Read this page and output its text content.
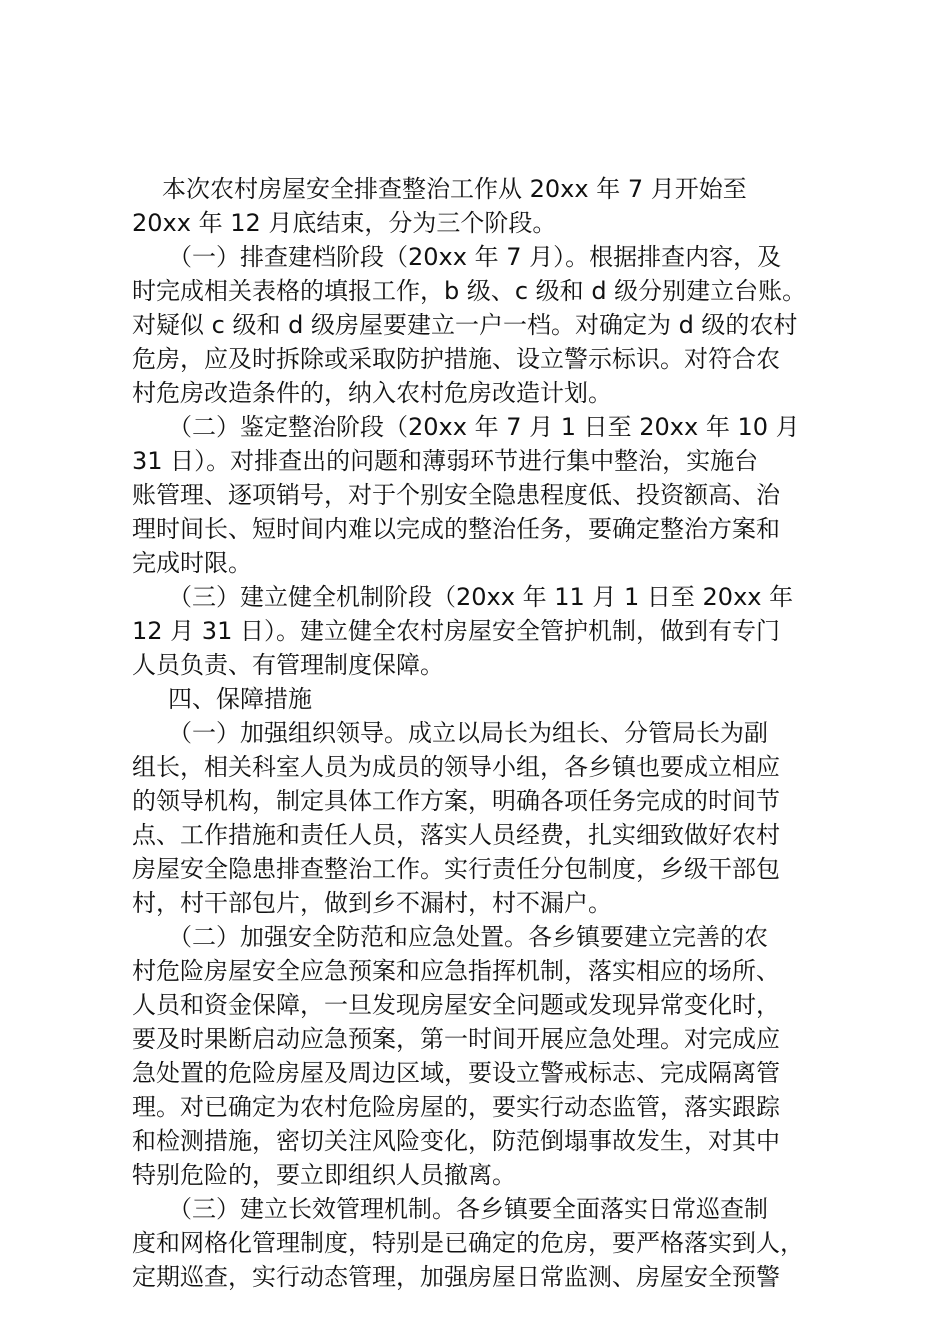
本次农村房屋安全排查整治工作从 20xx 年 7 月开始至
20xx 年 12 月底结束，分为三个阶段。
（一）排查建档阶段（20xx 年 7 月）。根据排查内容，及
时完成相关表格的填报工作，b 级、c 级和 d 级分别建立台账。
对疑似 c 级和 d 级房屋要建立一户一档。对确定为 d 级的农村
危房，应及时拆除或采取防护措施、设立警示标识。对符合农
村危房改造条件的，纳入农村危房改造计划。
（二）鉴定整治阶段（20xx 年 7 月 1 日至 20xx 年 10 月
31 日）。对排查出的问题和薄弱环节进行集中整治，实施台
账管理、逐项销号，对于个别安全隐患程度低、投资额高、治
理时间长、短时间内难以完成的整治任务，要确定整治方案和
完成时限。
（三）建立健全机制阶段（20xx 年 11 月 1 日至 20xx 年
12 月 31 日）。建立健全农村房屋安全管护机制，做到有专门
人员负责、有管理制度保障。
四、保障措施
（一）加强组织领导。成立以局长为组长、分管局长为副
组长，相关科室人员为成员的领导小组，各乡镇也要成立相应
的领导机构，制定具体工作方案，明确各项任务完成的时间节
点、工作措施和责任人员，落实人员经费，扎实细致做好农村
房屋安全隐患排查整治工作。实行责任分包制度，乡级干部包
村，村干部包片，做到乡不漏村，村不漏户。
（二）加强安全防范和应急处置。各乡镇要建立完善的农
村危险房屋安全应急预案和应急指挥机制，落实相应的场所、
人员和资金保障，一旦发现房屋安全问题或发现异常变化时，
要及时果断启动应急预案，第一时间开展应急处理。对完成应
急处置的危险房屋及周边区域，要设立警戒标志、完成隔离管
理。对已确定为农村危险房屋的，要实行动态监管，落实跟踪
和检测措施，密切关注风险变化，防范倒塌事故发生，对其中
特别危险的，要立即组织人员撤离。
（三）建立长效管理机制。各乡镇要全面落实日常巡查制
度和网格化管理制度，特别是已确定的危房，要严格落实到人，
定期巡查，实行动态管理，加强房屋日常监测、房屋安全预警
